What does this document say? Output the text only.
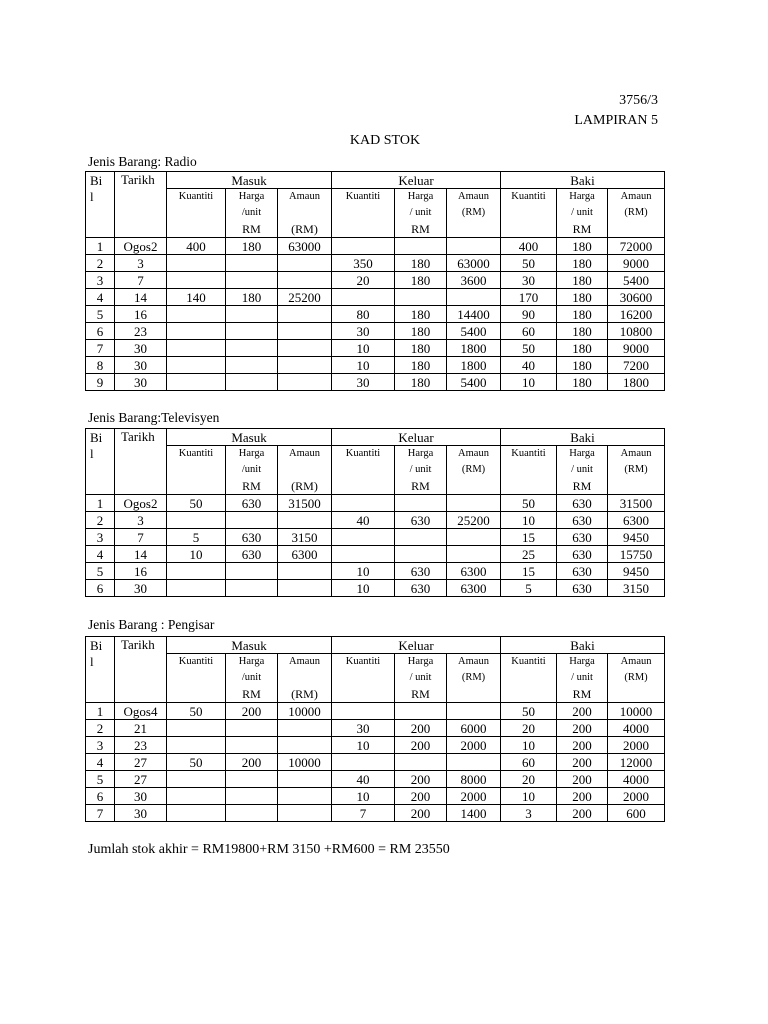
3756/3
LAMPIRAN 5
KAD STOK
Jenis Barang: Radio
Bi	Tarikh	Masuk			Keluar			Baki		
l		Kuantiti	Harga	Amaun	Kuantiti	Harga	Amaun	Kuantiti	Harga	Amaun
			/unit			/ unit	(RM)		/ unit	(RM)
			RM	(RM)		RM			RM	
1	Ogos2	400	180	63000				400	180	72000
2	3				350	180	63000	50	180	9000
3	7				20	180	3600	30	180	5400
4	14	140	180	25200				170	180	30600
5	16				80	180	14400	90	180	16200
6	23				30	180	5400	60	180	10800
7	30				10	180	1800	50	180	9000
8	30				10	180	1800	40	180	7200
9	30				30	180	5400	10	180	1800
Jenis Barang:Televisyen
Bi	Tarikh	Masuk			Keluar			Baki		
l		Kuantiti	Harga	Amaun	Kuantiti	Harga	Amaun	Kuantiti	Harga	Amaun
			/unit			/ unit	(RM)		/ unit	(RM)
			RM	(RM)		RM			RM	
1	Ogos2	50	630	31500				50	630	31500
2	3				40	630	25200	10	630	6300
3	7	5	630	3150				15	630	9450
4	14	10	630	6300				25	630	15750
5	16				10	630	6300	15	630	9450
6	30				10	630	6300	5	630	3150
Jenis Barang : Pengisar
Bi	Tarikh	Masuk			Keluar			Baki		
l		Kuantiti	Harga	Amaun	Kuantiti	Harga	Amaun	Kuantiti	Harga	Amaun
			/unit			/ unit	(RM)		/ unit	(RM)
			RM	(RM)		RM			RM	
1	Ogos4	50	200	10000				50	200	10000
2	21				30	200	6000	20	200	4000
3	23				10	200	2000	10	200	2000
4	27	50	200	10000				60	200	12000
5	27				40	200	8000	20	200	4000
6	30				10	200	2000	10	200	2000
7	30				7	200	1400	3	200	600
Jumlah stok akhir = RM19800+RM 3150 +RM600 = RM 23550
